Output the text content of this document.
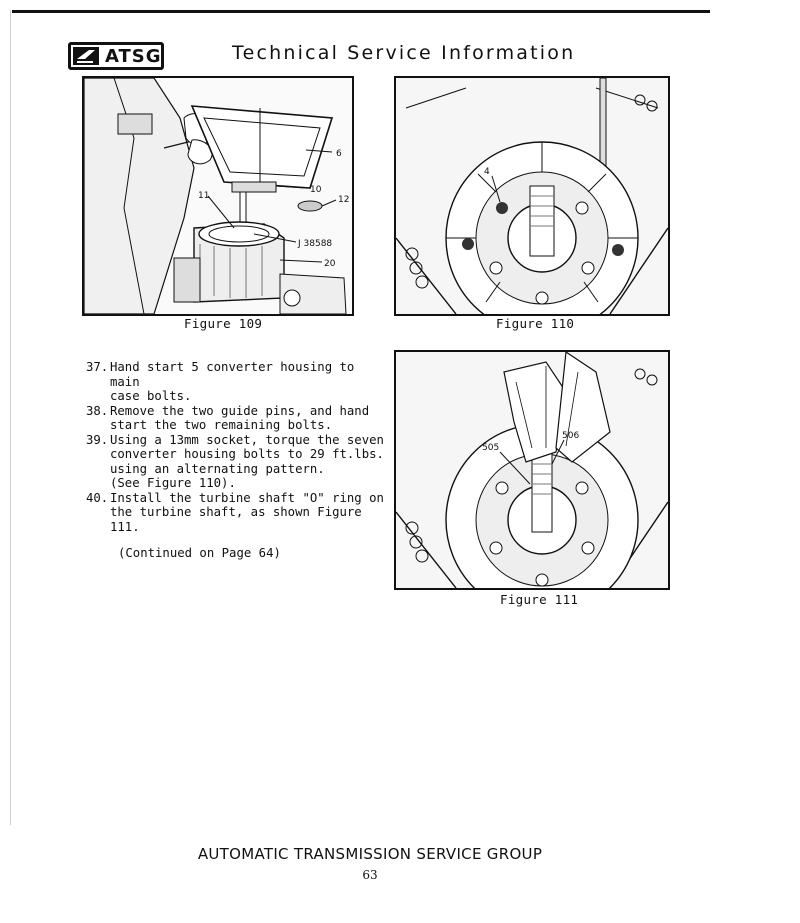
ATSG	Technical Service Information
6
10
11	12
J 38588
20
Figure 109
4
Figure 110
37. Hand start 5 converter housing to main
case bolts.
38. Remove the two guide pins, and hand
start the two remaining bolts.
39. Using a 13mm socket, torque the seven
converter housing bolts to 29 ft.lbs.
using an alternating pattern.
(See Figure 110).
40. Install the turbine shaft "O" ring on
the turbine shaft, as shown Figure 111.
(Continued on Page 64)
505
506
Figure 111
AUTOMATIC TRANSMISSION SERVICE GROUP
63
